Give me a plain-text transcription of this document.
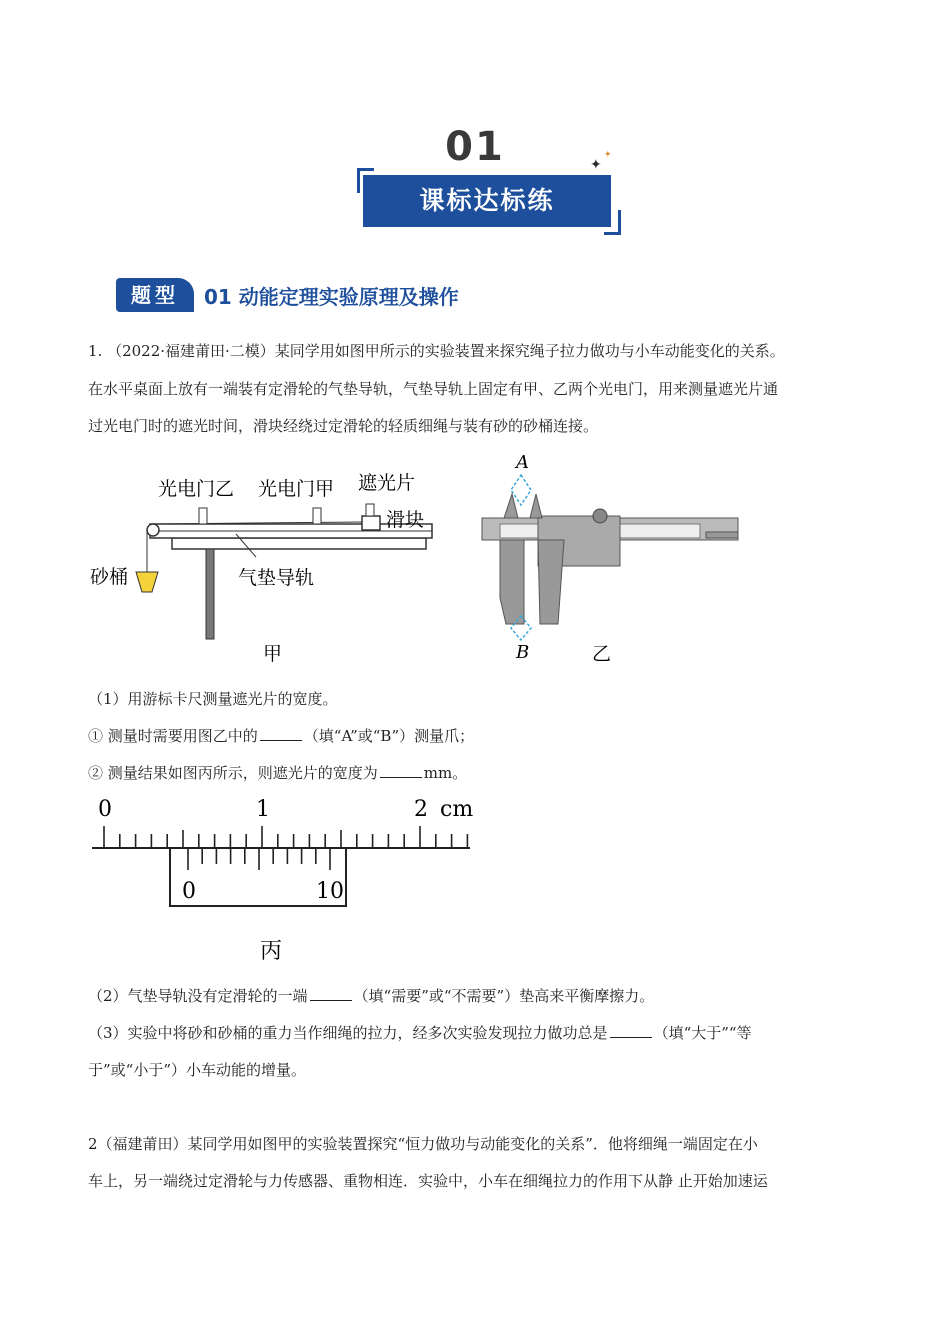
01
课标达标练
✦
✦
题型	01 动能定理实验原理及操作
1. （2022·福建莆田·二模）某同学用如图甲所示的实验装置来探究绳子拉力做功与小车动能变化的关系。
在水平桌面上放有一端装有定滑轮的气垫导轨，气垫导轨上固定有甲、乙两个光电门，用来测量遮光片通
过光电门时的遮光时间，滑块经绕过定滑轮的轻质细绳与装有砂的砂桶连接。
光电门乙 光电门甲 遮光片
滑块
砂桶	气垫导轨
甲
A
B	乙
（1）用游标卡尺测量遮光片的宽度。
① 测量时需要用图乙中的	（填“A”或“B”）测量爪；
② 测量结果如图丙所示，则遮光片的宽度为	mm。
0	1	2 cm
0	10
丙
（2）气垫导轨没有定滑轮的一端	（填“需要”或“不需要”）垫高来平衡摩擦力。
（3）实验中将砂和砂桶的重力当作细绳的拉力，经多次实验发现拉力做功总是	（填“大于”“等
于”或“小于”）小车动能的增量。
2（福建莆田）某同学用如图甲的实验装置探究“恒力做功与动能变化的关系”．他将细绳一端固定在小
车上，另一端绕过定滑轮与力传感器、重物相连．实验中，小车在细绳拉力的作用下从静 止开始加速运
